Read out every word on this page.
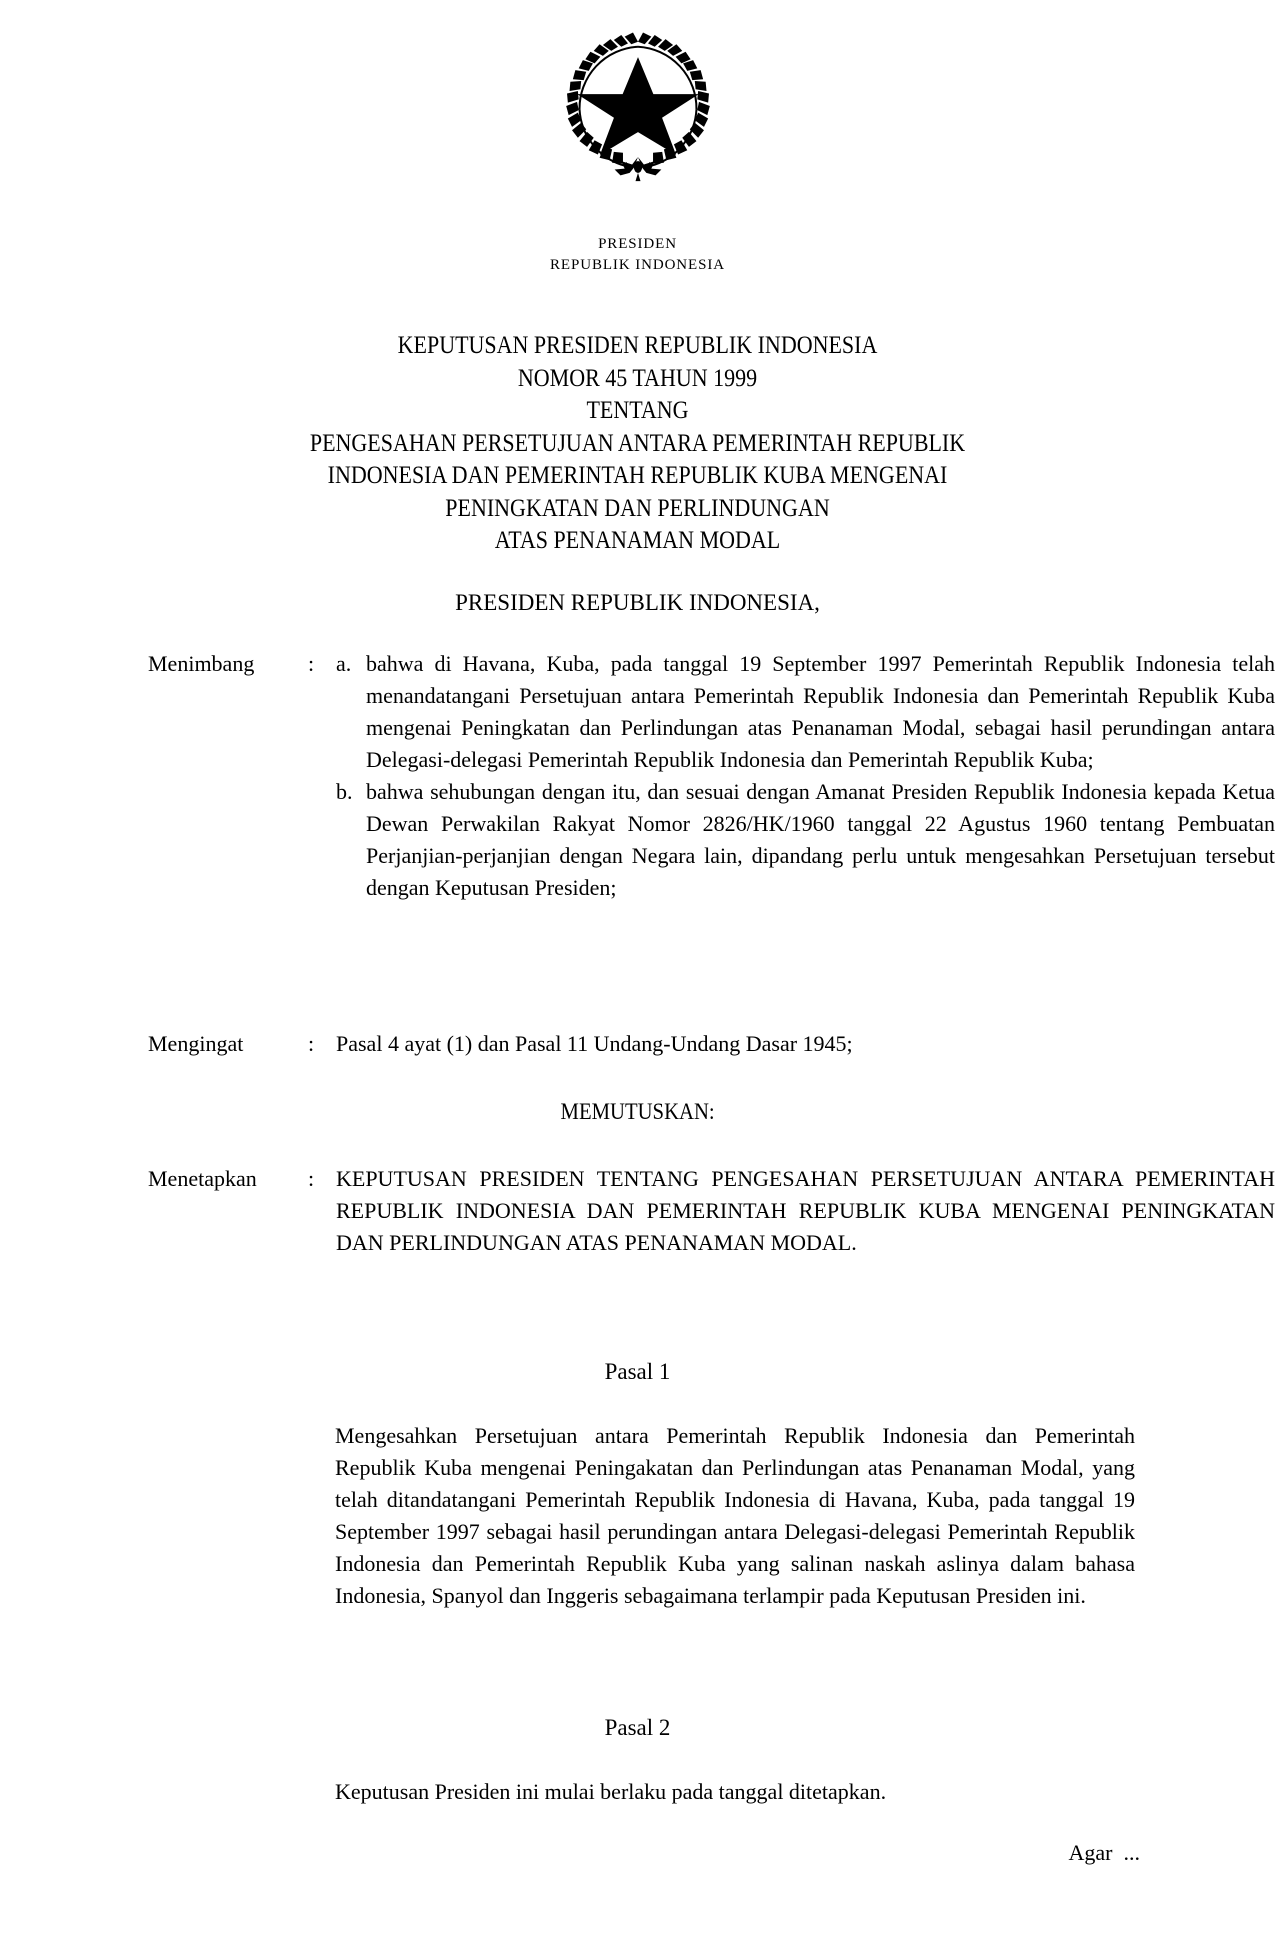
PRESIDEN
REPUBLIK INDONESIA
KEPUTUSAN PRESIDEN REPUBLIK INDONESIA
NOMOR 45 TAHUN 1999
TENTANG
PENGESAHAN PERSETUJUAN ANTARA PEMERINTAH REPUBLIK
INDONESIA DAN PEMERINTAH REPUBLIK KUBA MENGENAI
PENINGKATAN DAN PERLINDUNGAN
ATAS PENANAMAN MODAL
PRESIDEN REPUBLIK INDONESIA,
Menimbang	: a. bahwa di Havana, Kuba, pada tanggal 19 September 1997 Pemerintah Republik Indonesia telah menandatangani Persetujuan antara Pemerintah Republik Indonesia dan Pemerintah Republik Kuba mengenai Peningkatan dan Perlindungan atas Penanaman Modal, sebagai hasil perundingan antara Delegasi-delegasi Pemerintah Republik Indonesia dan Pemerintah Republik Kuba;
b. bahwa sehubungan dengan itu, dan sesuai dengan Amanat Presiden Republik Indonesia kepada Ketua Dewan Perwakilan Rakyat Nomor 2826/HK/1960 tanggal 22 Agustus 1960 tentang Pembuatan Perjanjian-perjanjian dengan Negara lain, dipandang perlu untuk mengesahkan Persetujuan tersebut dengan Keputusan Presiden;
Mengingat	: Pasal 4 ayat (1) dan Pasal 11 Undang-Undang Dasar 1945;
MEMUTUSKAN:
Menetapkan	: KEPUTUSAN PRESIDEN TENTANG PENGESAHAN PERSETUJUAN ANTARA PEMERINTAH REPUBLIK INDONESIA DAN PEMERINTAH REPUBLIK KUBA MENGENAI PENINGKATAN DAN PERLINDUNGAN ATAS PENANAMAN MODAL.
Pasal 1
Mengesahkan Persetujuan antara Pemerintah Republik Indonesia dan Pemerintah Republik Kuba mengenai Peningakatan dan Perlindungan atas Penanaman Modal, yang telah ditandatangani Pemerintah Republik Indonesia di Havana, Kuba, pada tanggal 19 September 1997 sebagai hasil perundingan antara Delegasi-delegasi Pemerintah Republik Indonesia dan Pemerintah Republik Kuba yang salinan naskah aslinya dalam bahasa Indonesia, Spanyol dan Inggeris sebagaimana terlampir pada Keputusan Presiden ini.
Pasal 2
Keputusan Presiden ini mulai berlaku pada tanggal ditetapkan.
Agar  ...
